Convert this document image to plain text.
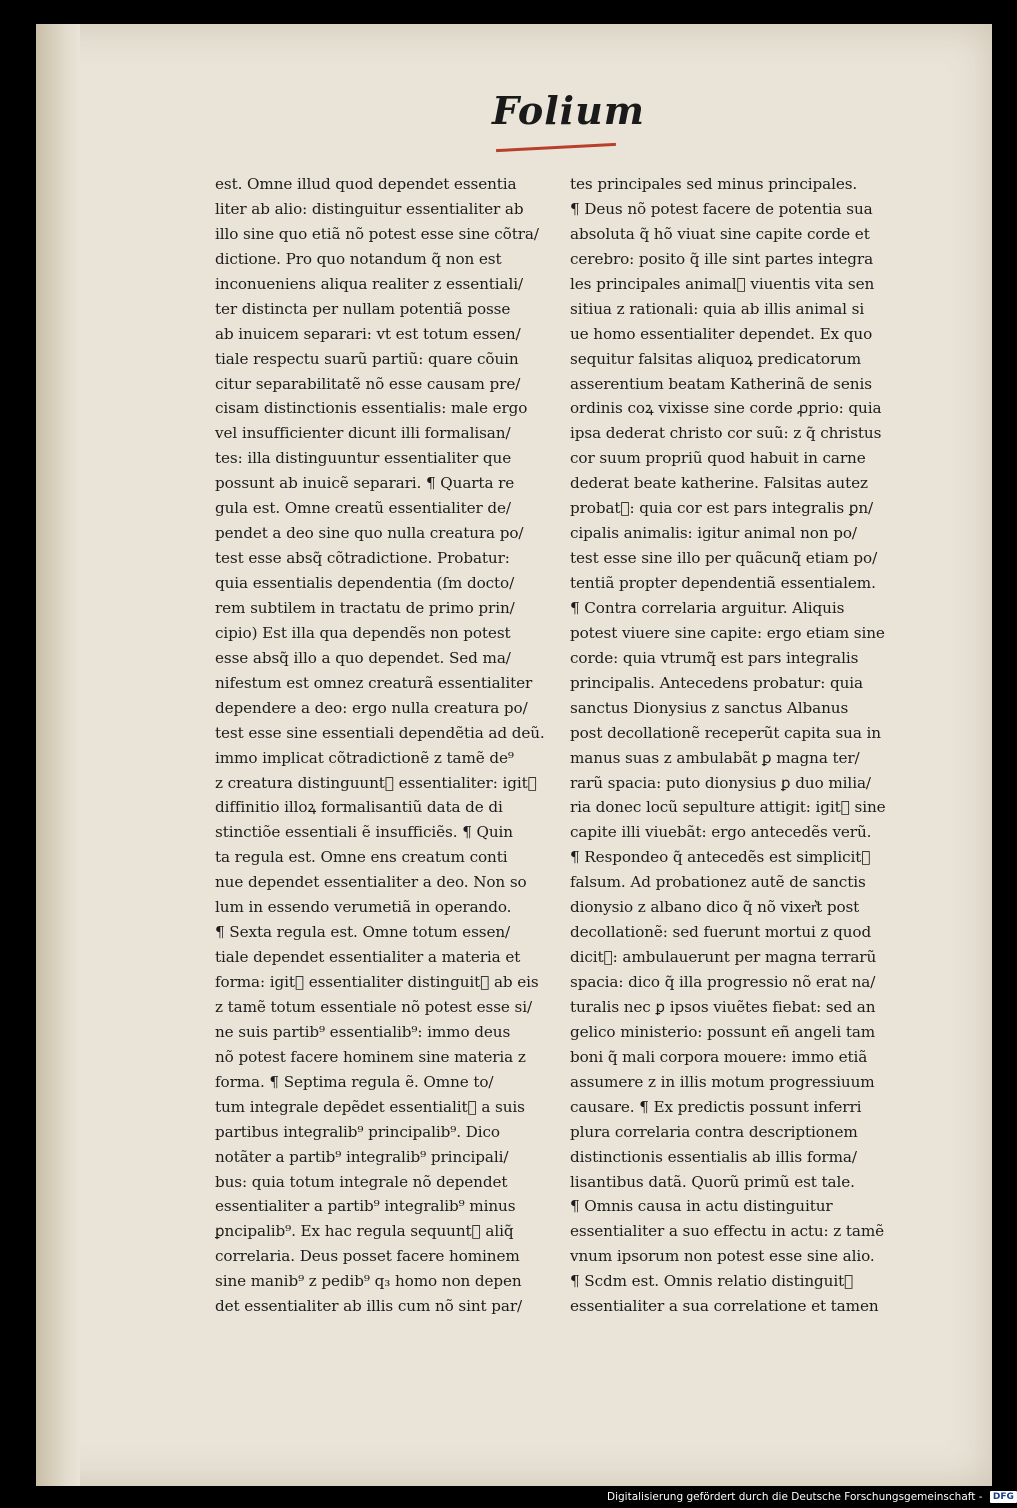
Folium
est. Omne illud quod dependet essentia
liter ab alio: distinguitur essentialiter ab
illo sine quo etiã nõ potest esse sine cõtra/
dictione. Pro quo notandum q̃ non est
inconueniens aliqua realiter z essentiali/
ter distincta per nullam potentiã posse
ab inuicem separari: vt est totum essen/
tiale respectu suarũ partiũ: quare cõuin
citur separabilitatẽ nõ esse causam pre/
cisam distinctionis essentialis: male ergo
vel insufficienter dicunt illi formalisan/
tes: illa distinguuntur essentialiter que
possunt ab inuicẽ separari. ¶ Quarta re
gula est. Omne creatũ essentialiter de/
pendet a deo sine quo nulla creatura po/
test esse absq̃ cõtradictione. Probatur:
quia essentialis dependentia (ſm docto/
rem subtilem in tractatu de primo prin/
cipio) Est illa qua dependẽs non potest
esse absq̃ illo a quo dependet. Sed ma/
nifestum est omnez creaturã essentialiter
dependere a deo: ergo nulla creatura po/
test esse sine essentiali dependẽtia ad deũ.
immo implicat cõtradictionẽ z tamẽ de⁹
z creatura distinguunt᷑ essentialiter: igit᷑
diffinitio illoꝝ formalisantiũ data de di
stinctiõe essentiali ẽ insufficiẽs. ¶ Quin
ta regula est. Omne ens creatum conti
nue dependet essentialiter a deo. Non so
lum in essendo verumetiã in operando.
¶ Sexta regula est. Omne totum essen/
tiale dependet essentialiter a materia et
forma: igit᷑ essentialiter distinguit᷑ ab eis
z tamẽ totum essentiale nõ potest esse si/
ne suis partib⁹ essentialib⁹: immo deus
nõ potest facere hominem sine materia z
forma. ¶ Septima regula ẽ. Omne to/
tum integrale depẽdet essentialit᷑ a suis
partibus integralib⁹ principalib⁹. Dico
notãter a partib⁹ integralib⁹ principali/
bus: quia totum integrale nõ dependet
essentialiter a partib⁹ integralib⁹ minus
ꝑncipalib⁹. Ex hac regula sequunt᷑ aliq̃
correlaria. Deus posset facere hominem
sine manib⁹ z pedib⁹ q₃ homo non depen
det essentialiter ab illis cum nõ sint par/
tes principales sed minus principales.
¶ Deus nõ potest facere de potentia sua
absoluta q̃ hõ viuat sine capite corde et
cerebro: posito q̃ ille sint partes integra
les principales animal᷑ viuentis vita sen
sitiua z rationali: quia ab illis animal si
ue homo essentialiter dependet. Ex quo
sequitur falsitas aliquoꝝ predicatorum
asserentium beatam Katherinã de senis
ordinis coꝝ vixisse sine corde ꝓprio: quia
ipsa dederat christo cor suũ: z q̃ christus
cor suum propriũ quod habuit in carne
dederat beate katherine. Falsitas autez
probat᷑: quia cor est pars integralis ꝑn/
cipalis animalis: igitur animal non po/
test esse sine illo per quãcunq̃ etiam po/
tentiã propter dependentiã essentialem.
¶ Contra correlaria arguitur. Aliquis
potest viuere sine capite: ergo etiam sine
corde: quia vtrumq̃ est pars integralis
principalis. Antecedens probatur: quia
sanctus Dionysius z sanctus Albanus
post decollationẽ receperũt capita sua in
manus suas z ambulabãt ꝑ magna ter/
rarũ spacia: puto dionysius ꝑ duo milia/
ria donec locũ sepulture attigit: igit᷑ sine
capite illi viuebãt: ergo antecedẽs verũ.
¶ Respondeo q̃ antecedẽs est simplicit᷑
falsum. Ad probationez autẽ de sanctis
dionysio z albano dico q̃ nõ vixer͛t post
decollationẽ: sed fuerunt mortui z quod
dicit᷑: ambulauerunt per magna terrarũ
spacia: dico q̃ illa progressio nõ erat na/
turalis nec ꝑ ipsos viuẽtes fiebat: sed an
gelico ministerio: possunt eñ angeli tam
boni q̃ mali corpora mouere: immo etiã
assumere z in illis motum progressiuum
causare. ¶ Ex predictis possunt inferri
plura correlaria contra descriptionem
distinctionis essentialis ab illis forma/
lisantibus datã. Quorũ primũ est tale.
¶ Omnis causa in actu distinguitur
essentialiter a suo effectu in actu: z tamẽ
vnum ipsorum non potest esse sine alio.
¶ Scdm est. Omnis relatio distinguit᷑
essentialiter a sua correlatione et tamen
Digitalisierung gefördert durch die Deutsche Forschungsgemeinschaft - DFG
